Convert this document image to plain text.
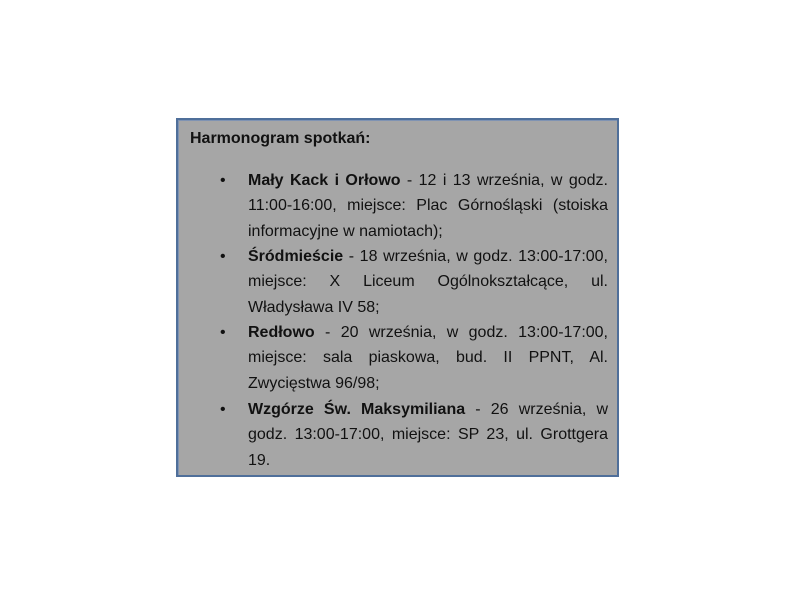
Harmonogram spotkań:
• Mały Kack i Orłowo - 12 i 13 września, w godz. 11:00-16:00, miejsce: Plac Górnośląski (stoiska informacyjne w namiotach);
• Śródmieście - 18 września, w godz. 13:00-17:00, miejsce: X Liceum Ogólnokształcące, ul. Władysława IV 58;
• Redłowo - 20 września, w godz. 13:00-17:00, miejsce: sala piaskowa, bud. II PPNT, Al. Zwycięstwa 96/98;
• Wzgórze Św. Maksymiliana - 26 września, w godz. 13:00-17:00, miejsce: SP 23, ul. Grottgera 19.
